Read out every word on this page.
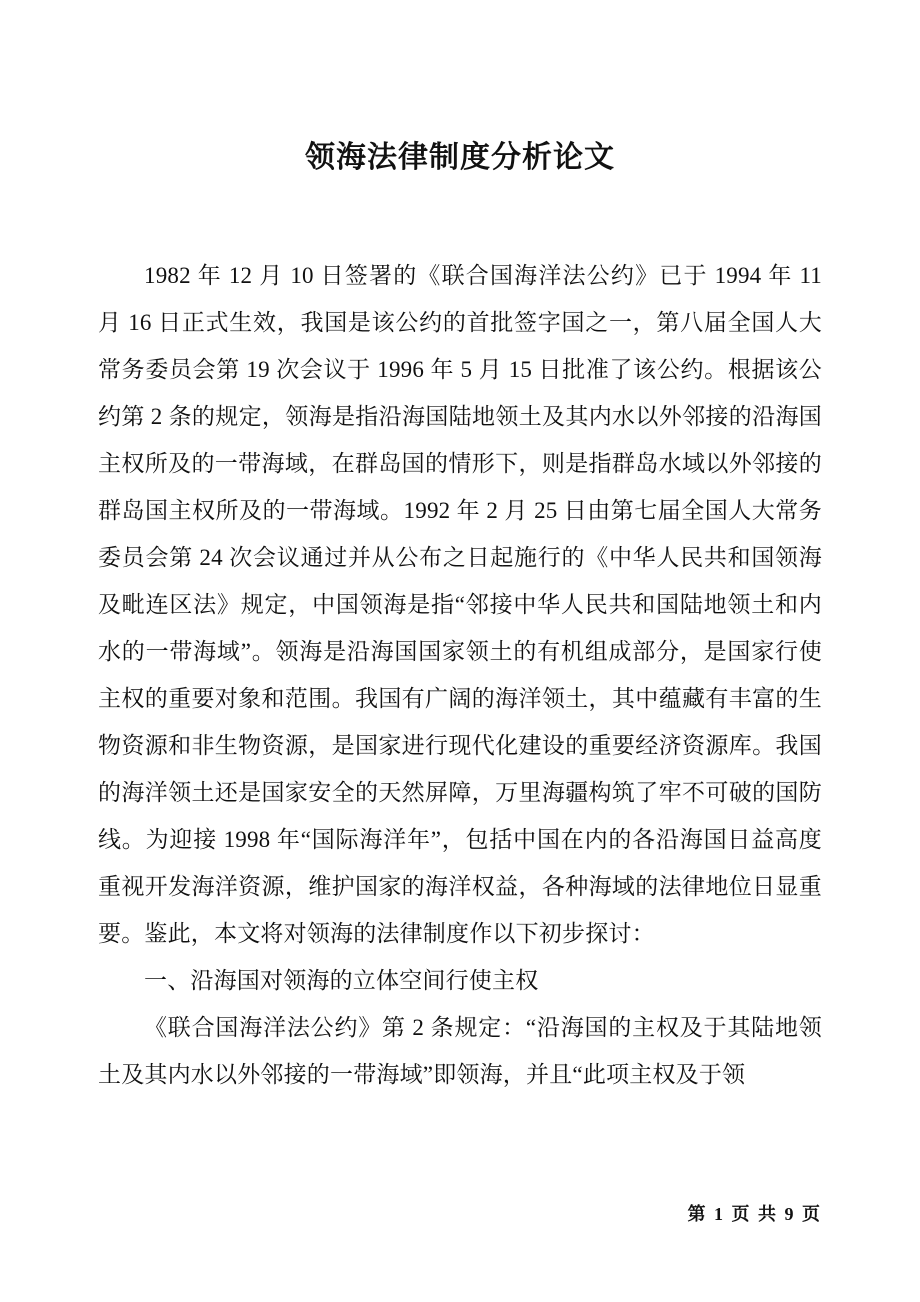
领海法律制度分析论文

1982 年 12 月 10 日签署的《联合国海洋法公约》已于 1994 年 11 月 16 日正式生效，我国是该公约的首批签字国之一，第八届全国人大常务委员会第 19 次会议于 1996 年 5 月 15 日批准了该公约。根据该公约第 2 条的规定，领海是指沿海国陆地领土及其内水以外邻接的沿海国主权所及的一带海域，在群岛国的情形下，则是指群岛水域以外邻接的群岛国主权所及的一带海域。1992 年 2 月 25 日由第七届全国人大常务委员会第 24 次会议通过并从公布之日起施行的《中华人民共和国领海及毗连区法》规定，中国领海是指“邻接中华人民共和国陆地领土和内水的一带海域”。领海是沿海国国家领土的有机组成部分，是国家行使主权的重要对象和范围。我国有广阔的海洋领土，其中蕴藏有丰富的生物资源和非生物资源，是国家进行现代化建设的重要经济资源库。我国的海洋领土还是国家安全的天然屏障，万里海疆构筑了牢不可破的国防线。为迎接 1998 年“国际海洋年”，包括中国在内的各沿海国日益高度重视开发海洋资源，维护国家的海洋权益，各种海域的法律地位日显重要。鉴此，本文将对领海的法律制度作以下初步探讨：

一、沿海国对领海的立体空间行使主权

《联合国海洋法公约》第 2 条规定：“沿海国的主权及于其陆地领土及其内水以外邻接的一带海域”即领海，并且“此项主权及于领

第 1 页 共 9 页
